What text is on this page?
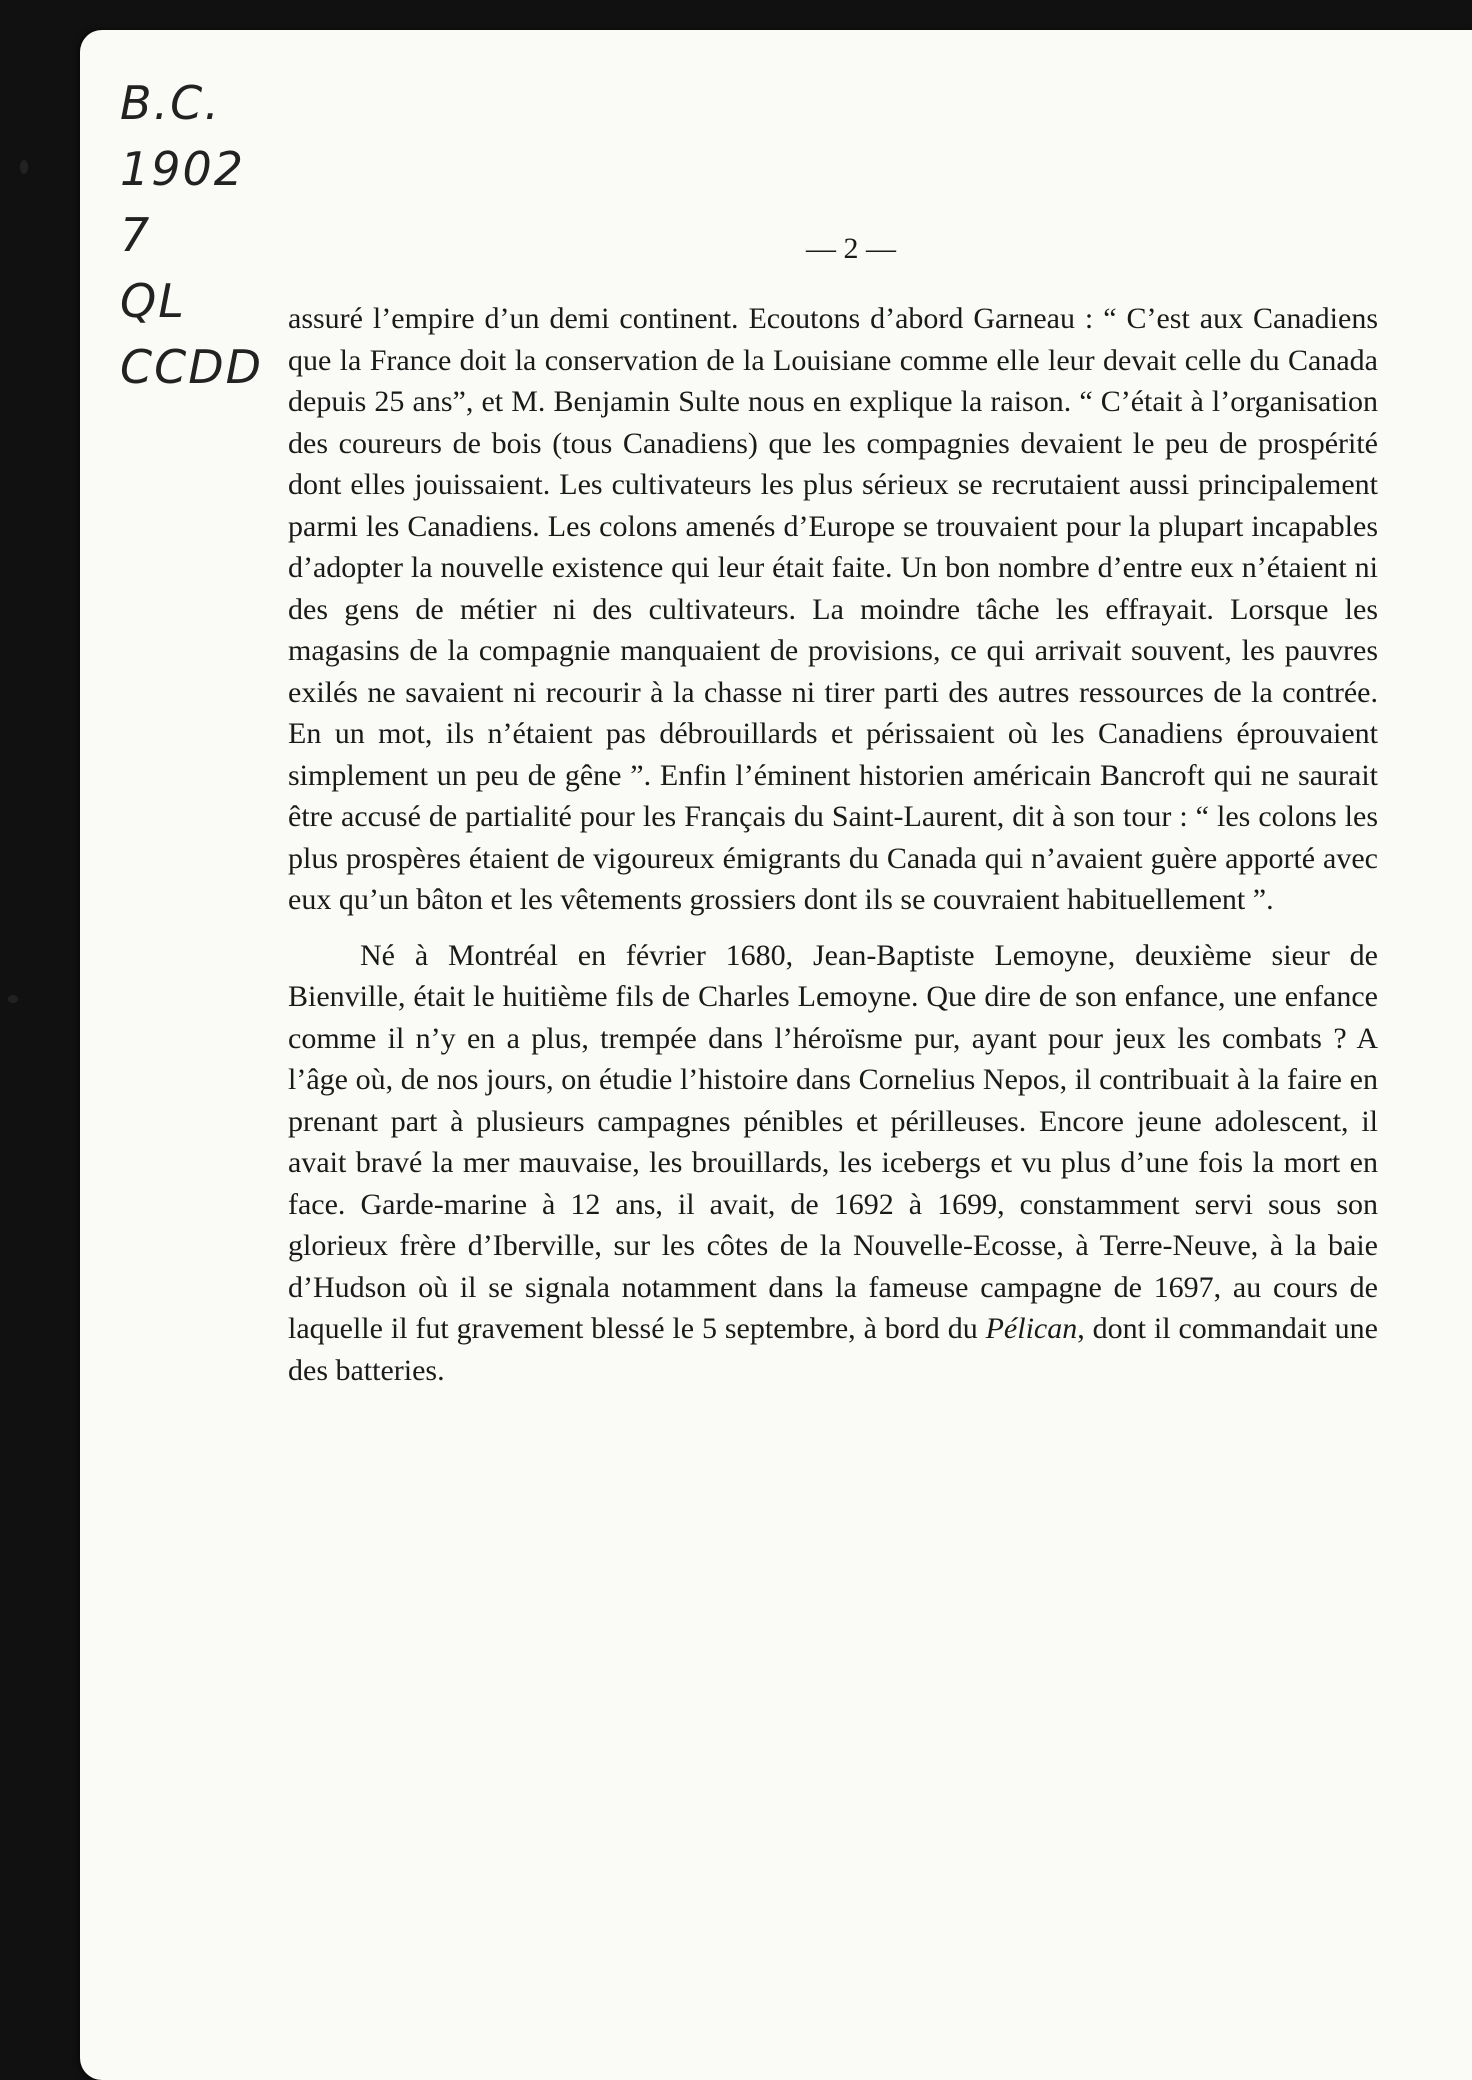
B.C.
1902
7
QL
CCDD
— 2 —

assuré l’empire d’un demi continent. Ecoutons d’abord Garneau : “ C’est aux Canadiens que la France doit la conservation de la Louisiane comme elle leur devait celle du Canada depuis 25 ans”, et M. Benjamin Sulte nous en explique la raison. “ C’était à l’organisation des coureurs de bois (tous Canadiens) que les compagnies devaient le peu de prospérité dont elles jouissaient. Les cultivateurs les plus sérieux se recrutaient aussi principalement parmi les Canadiens. Les colons amenés d’Europe se trouvaient pour la plupart incapables d’adopter la nouvelle existence qui leur était faite. Un bon nombre d’entre eux n’étaient ni des gens de métier ni des cultivateurs. La moindre tâche les effrayait. Lorsque les magasins de la compagnie manquaient de provisions, ce qui arrivait souvent, les pauvres exilés ne savaient ni recourir à la chasse ni tirer parti des autres ressources de la contrée. En un mot, ils n’étaient pas débrouillards et périssaient où les Canadiens éprouvaient simplement un peu de gêne ”. Enfin l’éminent historien américain Bancroft qui ne saurait être accusé de partialité pour les Français du Saint-Laurent, dit à son tour : “ les colons les plus prospères étaient de vigoureux émigrants du Canada qui n’avaient guère apporté avec eux qu’un bâton et les vêtements grossiers dont ils se couvraient habituellement ”.

Né à Montréal en février 1680, Jean-Baptiste Lemoyne, deuxième sieur de Bienville, était le huitième fils de Charles Lemoyne. Que dire de son enfance, une enfance comme il n’y en a plus, trempée dans l’héroïsme pur, ayant pour jeux les combats ? A l’âge où, de nos jours, on étudie l’histoire dans Cornelius Nepos, il contribuait à la faire en prenant part à plusieurs campagnes pénibles et périlleuses. Encore jeune adolescent, il avait bravé la mer mauvaise, les brouillards, les icebergs et vu plus d’une fois la mort en face. Garde-marine à 12 ans, il avait, de 1692 à 1699, constamment servi sous son glorieux frère d’Iberville, sur les côtes de la Nouvelle-Ecosse, à Terre-Neuve, à la baie d’Hudson où il se signala notamment dans la fameuse campagne de 1697, au cours de laquelle il fut gravement blessé le 5 septembre, à bord du Pélican, dont il commandait une des batteries.
